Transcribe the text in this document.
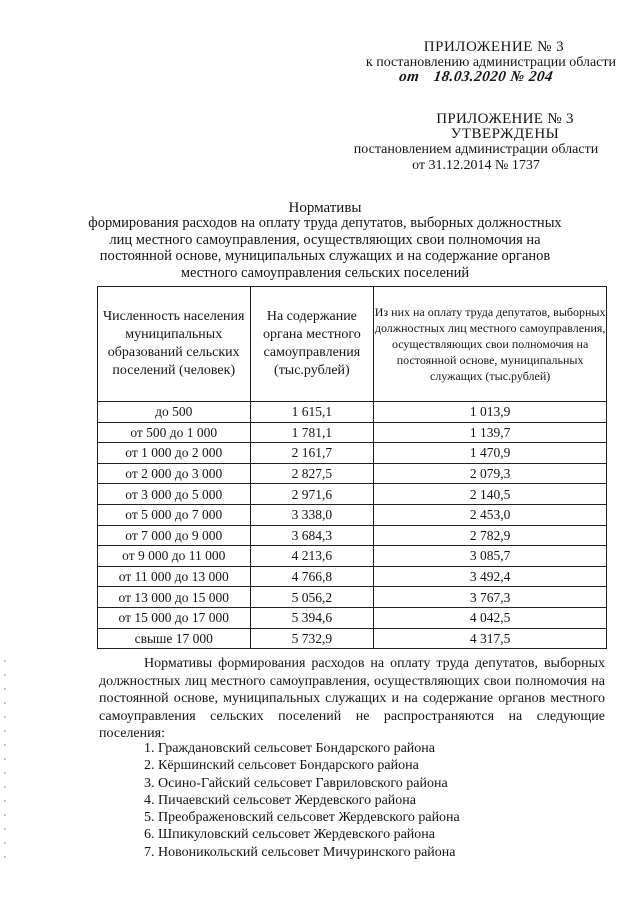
ПРИЛОЖЕНИЕ № 3
к постановлению администрации области
от 18.03.2020 № 204
ПРИЛОЖЕНИЕ № 3
УТВЕРЖДЕНЫ
постановлением администрации области
от 31.12.2014 № 1737
Нормативы
формирования расходов на оплату труда депутатов, выборных должностных лиц местного самоуправления, осуществляющих свои полномочия на постоянной основе, муниципальных служащих и на содержание органов местного самоуправления сельских поселений
Численность населения муниципальных образований сельских поселений (человек)	На содержание органа местного самоуправления (тыс.рублей)	Из них на оплату труда депутатов, выборных должностных лиц местного самоуправления, осуществляющих свои полномочия на постоянной основе, муниципальных служащих (тыс.рублей)
до 500	1 615,1	1 013,9
от 500 до 1 000	1 781,1	1 139,7
от 1 000 до 2 000	2 161,7	1 470,9
от 2 000 до 3 000	2 827,5	2 079,3
от 3 000 до 5 000	2 971,6	2 140,5
от 5 000 до 7 000	3 338,0	2 453,0
от 7 000 до 9 000	3 684,3	2 782,9
от 9 000 до 11 000	4 213,6	3 085,7
от 11 000 до 13 000	4 766,8	3 492,4
от 13 000 до 15 000	5 056,2	3 767,3
от 15 000 до 17 000	5 394,6	4 042,5
свыше 17 000	5 732,9	4 317,5
Нормативы формирования расходов на оплату труда депутатов, выборных должностных лиц местного самоуправления, осуществляющих свои полномочия на постоянной основе, муниципальных служащих и на содержание органов местного самоуправления сельских поселений не распространяются на следующие поселения:
1. Граждановский сельсовет Бондарского района
2. Кёршинский сельсовет Бондарского района
3. Осино-Гайский сельсовет Гавриловского района
4. Пичаевский сельсовет Жердевского района
5. Преображеновский сельсовет Жердевского района
6. Шпикуловский сельсовет Жердевского района
7. Новоникольский сельсовет Мичуринского района
